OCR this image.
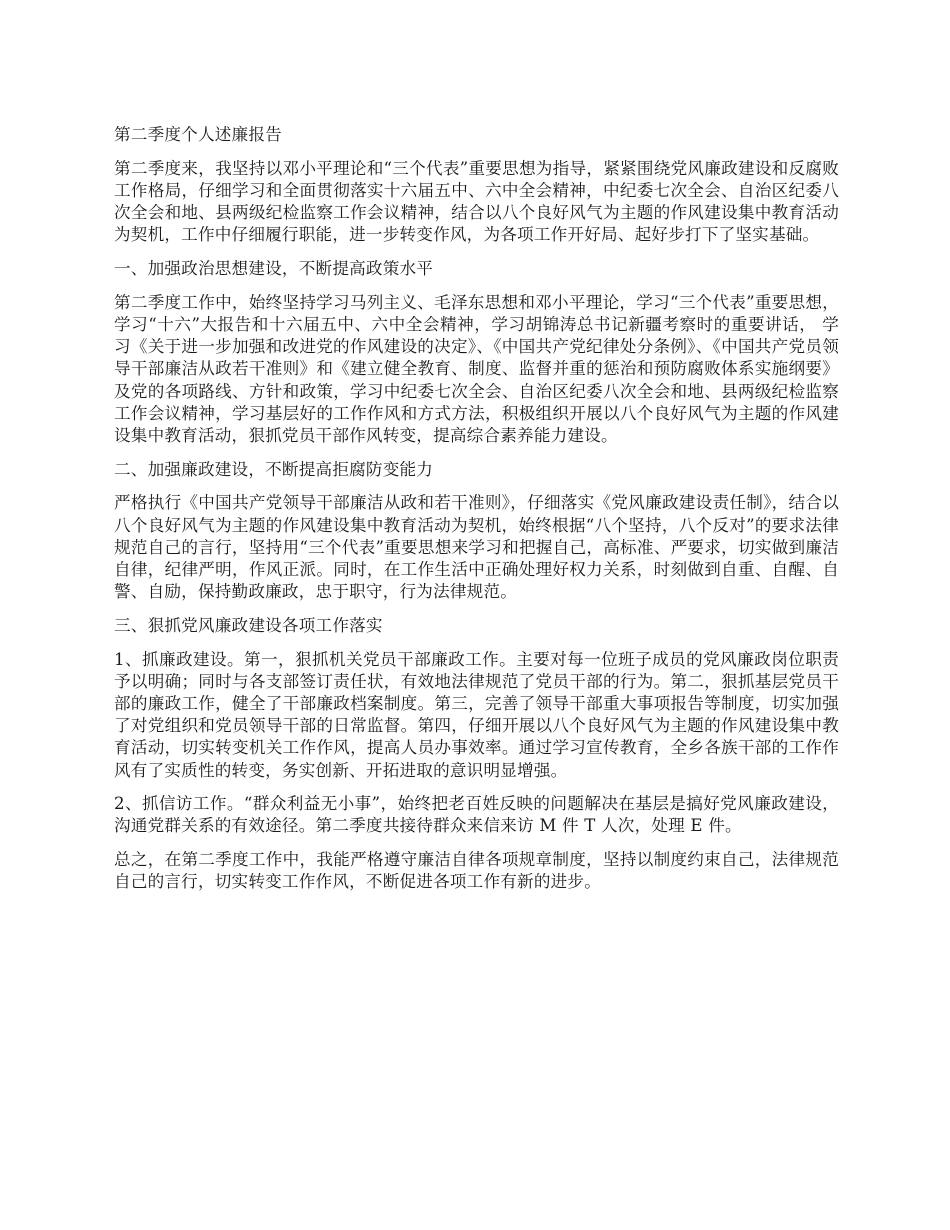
第二季度个人述廉报告

第二季度来，我坚持以邓小平理论和“三个代表”重要思想为指导，紧紧围绕党风廉政建设和反腐败工作格局，仔细学习和全面贯彻落实十六届五中、六中全会精神，中纪委七次全会、自治区纪委八次全会和地、县两级纪检监察工作会议精神，结合以八个良好风气为主题的作风建设集中教育活动为契机，工作中仔细履行职能，进一步转变作风，为各项工作开好局、起好步打下了坚实基础。

一、加强政治思想建设，不断提高政策水平

第二季度工作中，始终坚持学习马列主义、毛泽东思想和邓小平理论，学习“三个代表”重要思想，学习“十六”大报告和十六届五中、六中全会精神，学习胡锦涛总书记新疆考察时的重要讲话， 学习《关于进一步加强和改进党的作风建设的决定》、《中国共产党纪律处分条例》、《中国共产党员领导干部廉洁从政若干准则》和《建立健全教育、制度、监督并重的惩治和预防腐败体系实施纲要》及党的各项路线、方针和政策，学习中纪委七次全会、自治区纪委八次全会和地、县两级纪检监察工作会议精神，学习基层好的工作作风和方式方法，积极组织开展以八个良好风气为主题的作风建设集中教育活动，狠抓党员干部作风转变，提高综合素养能力建设。

二、加强廉政建设，不断提高拒腐防变能力

严格执行《中国共产党领导干部廉洁从政和若干准则》，仔细落实《党风廉政建设责任制》，结合以八个良好风气为主题的作风建设集中教育活动为契机，始终根据“八个坚持，八个反对”的要求法律规范自己的言行，坚持用“三个代表”重要思想来学习和把握自己，高标准、严要求，切实做到廉洁自律，纪律严明，作风正派。同时，在工作生活中正确处理好权力关系，时刻做到自重、自醒、自警、自励，保持勤政廉政，忠于职守，行为法律规范。

三、狠抓党风廉政建设各项工作落实

1、抓廉政建设。第一，狠抓机关党员干部廉政工作。主要对每一位班子成员的党风廉政岗位职责予以明确；同时与各支部签订责任状，有效地法律规范了党员干部的行为。第二，狠抓基层党员干部的廉政工作，健全了干部廉政档案制度。第三，完善了领导干部重大事项报告等制度，切实加强了对党组织和党员领导干部的日常监督。第四，仔细开展以八个良好风气为主题的作风建设集中教育活动，切实转变机关工作作风，提高人员办事效率。通过学习宣传教育，全乡各族干部的工作作风有了实质性的转变，务实创新、开拓进取的意识明显增强。

2、抓信访工作。“群众利益无小事”，始终把老百姓反映的问题解决在基层是搞好党风廉政建设，沟通党群关系的有效途径。第二季度共接待群众来信来访 M 件 T 人次，处理 E 件。

总之，在第二季度工作中，我能严格遵守廉洁自律各项规章制度，坚持以制度约束自己，法律规范自己的言行，切实转变工作作风，不断促进各项工作有新的进步。
